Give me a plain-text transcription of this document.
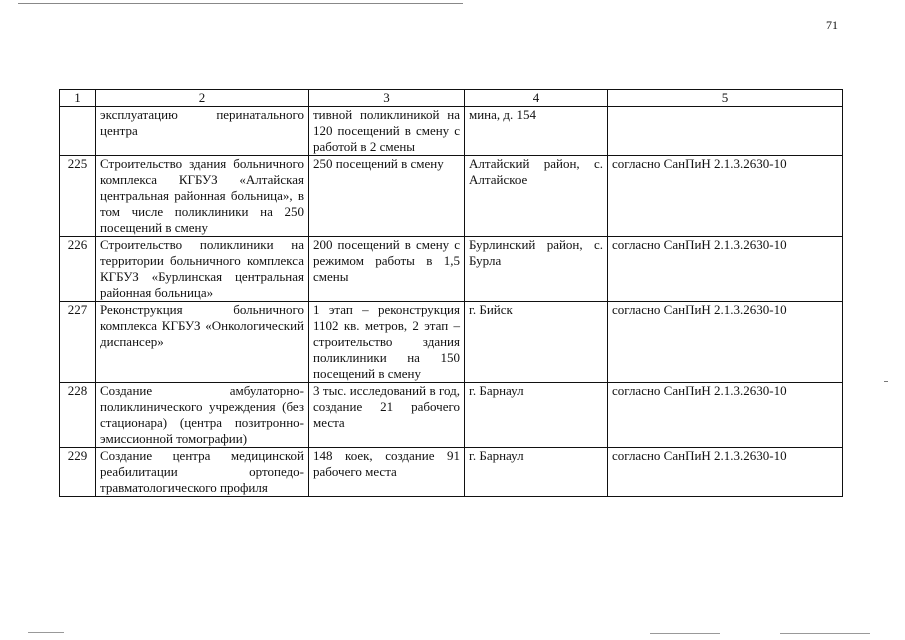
71
1	2	3	4	5
	эксплуатацию перинатального центра	тивной поликлиникой на 120 посещений в смену с работой в 2 смены	мина, д. 154	
225	Строительство здания больничного комплекса КГБУЗ «Алтайская центральная районная больница», в том числе поликлиники на 250 посещений в смену	250 посещений в смену	Алтайский район, с. Алтайское	согласно СанПиН 2.1.3.2630-10
226	Строительство поликлиники на территории больничного комплекса КГБУЗ «Бурлинская центральная районная больница»	200 посещений в смену с режимом работы в 1,5 смены	Бурлинский район, с. Бурла	согласно СанПиН 2.1.3.2630-10
227	Реконструкция больничного комплекса КГБУЗ «Онкологический диспансер»	1 этап – реконструкция 1102 кв. метров, 2 этап – строительство здания поликлиники на 150 посещений в смену	г. Бийск	согласно СанПиН 2.1.3.2630-10
228	Создание амбулаторно-поликлинического учреждения (без стационара) (центра позитронно-эмиссионной томографии)	3 тыс. исследований в год, создание 21 рабочего места	г. Барнаул	согласно СанПиН 2.1.3.2630-10
229	Создание центра медицинской реабилитации ортопедо-травматологического профиля	148 коек, создание 91 рабочего места	г. Барнаул	согласно СанПиН 2.1.3.2630-10
